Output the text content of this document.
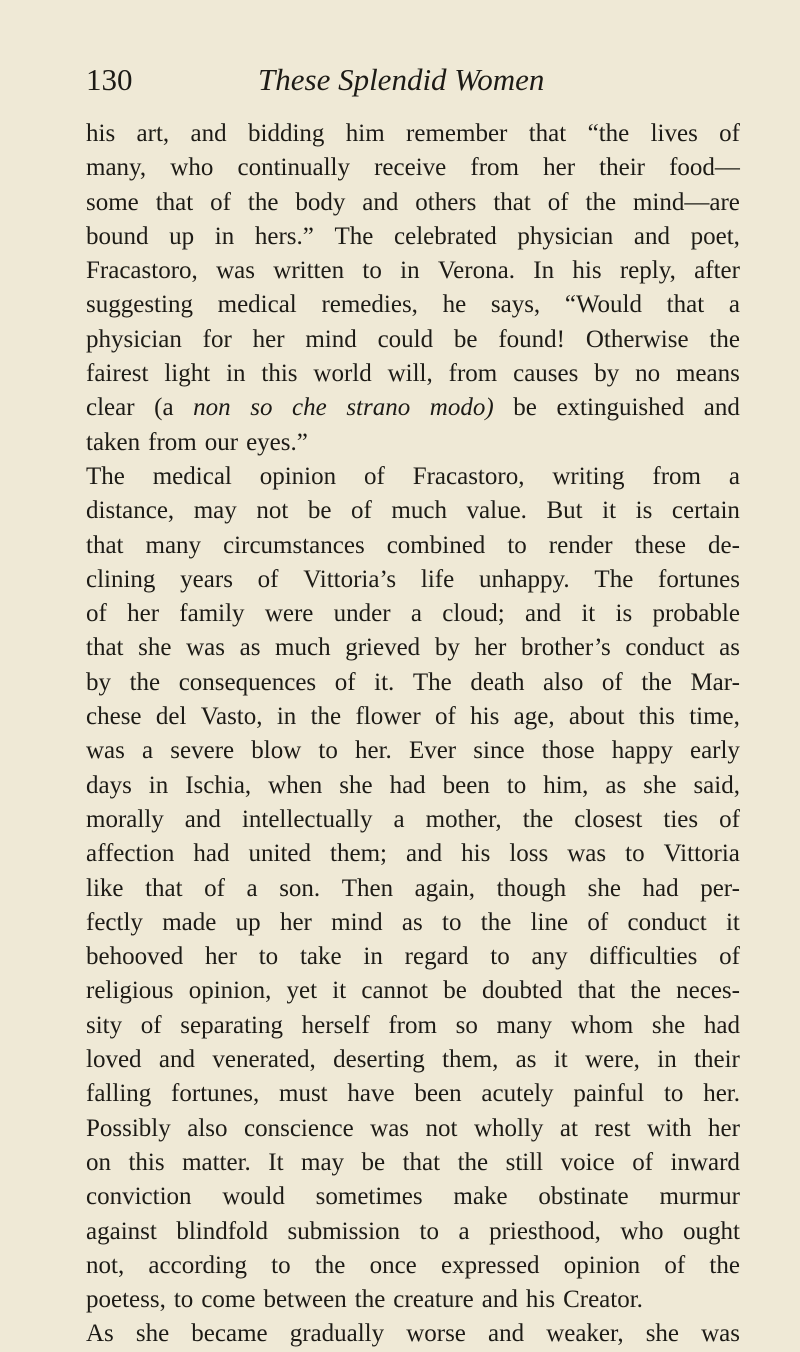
130	These Splendid Women
his art, and bidding him remember that “the lives of
many, who continually receive from her their food—
some that of the body and others that of the mind—are
bound up in hers.” The celebrated physician and poet,
Fracastoro, was written to in Verona. In his reply, after
suggesting medical remedies, he says, “Would that a
physician for her mind could be found! Otherwise the
fairest light in this world will, from causes by no means
clear (a non so che strano modo) be extinguished and
taken from our eyes.”
The medical opinion of Fracastoro, writing from a
distance, may not be of much value. But it is certain
that many circumstances combined to render these de-
clining years of Vittoria’s life unhappy. The fortunes
of her family were under a cloud; and it is probable
that she was as much grieved by her brother’s conduct as
by the consequences of it. The death also of the Mar-
chese del Vasto, in the flower of his age, about this time,
was a severe blow to her. Ever since those happy early
days in Ischia, when she had been to him, as she said,
morally and intellectually a mother, the closest ties of
affection had united them; and his loss was to Vittoria
like that of a son. Then again, though she had per-
fectly made up her mind as to the line of conduct it
behooved her to take in regard to any difficulties of
religious opinion, yet it cannot be doubted that the neces-
sity of separating herself from so many whom she had
loved and venerated, deserting them, as it were, in their
falling fortunes, must have been acutely painful to her.
Possibly also conscience was not wholly at rest with her
on this matter. It may be that the still voice of inward
conviction would sometimes make obstinate murmur
against blindfold submission to a priesthood, who ought
not, according to the once expressed opinion of the
poetess, to come between the creature and his Creator.
As she became gradually worse and weaker, she was
